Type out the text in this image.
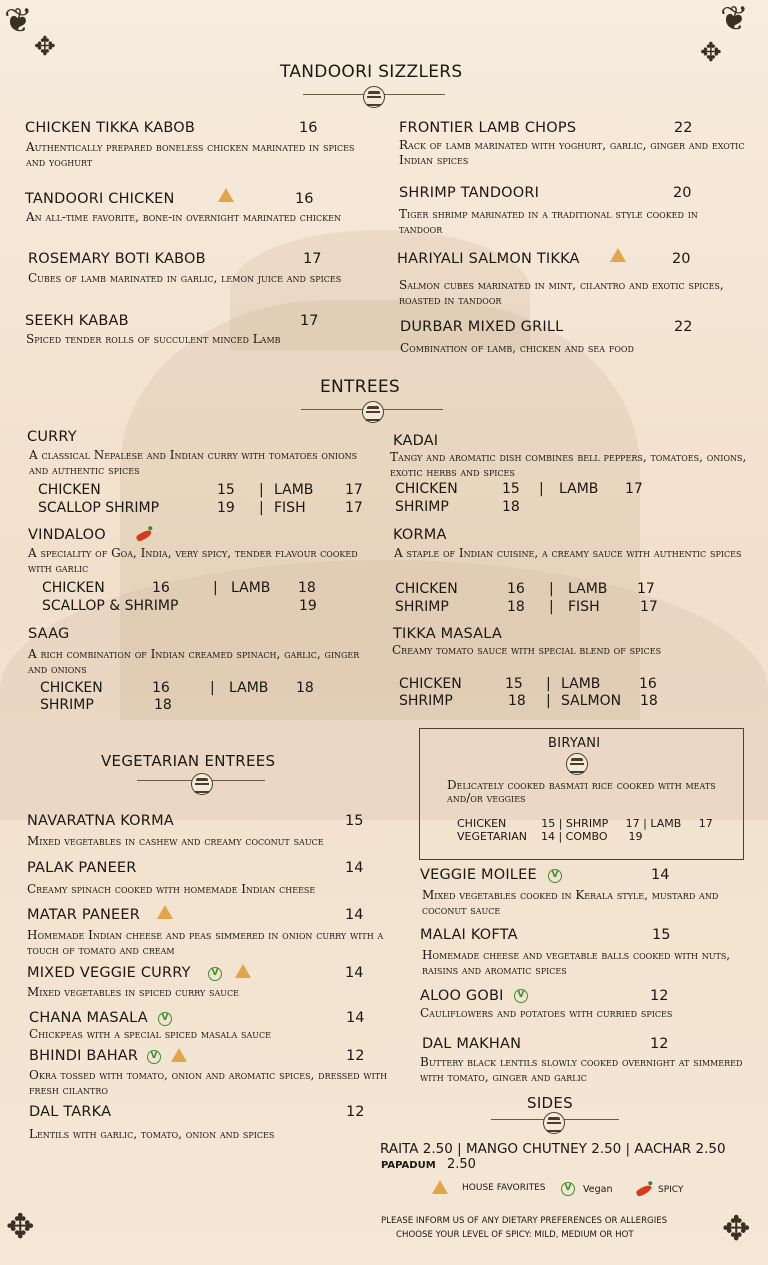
❦
✥
❦
✥
✥	✥
TANDOORI SIZZLERS
CHICKEN TIKKA KABOB	16
Authentically prepared boneless chicken marinated in spices and yoghurt
TANDOORI CHICKEN	16
An all-time favorite, bone-in overnight marinated chicken
ROSEMARY BOTI KABOB	17
Cubes of lamb marinated in garlic, lemon juice and spices
SEEKH KABAB	17
Spiced tender rolls of succulent minced Lamb
FRONTIER LAMB CHOPS	22
Rack of lamb marinated with yoghurt, garlic, ginger and exotic Indian spices
SHRIMP TANDOORI	20
Tiger shrimp marinated in a traditional style cooked in tandoor
HARIYALI SALMON TIKKA	20
Salmon cubes marinated in mint, cilantro and exotic spices, roasted in tandoor
DURBAR MIXED GRILL	22
Combination of lamb, chicken and sea food
ENTREES
CURRY
A classical Nepalese and Indian curry with tomatoes onions and authentic spices
CHICKEN	15 | LAMB 17
SCALLOP SHRIMP	19 | FISH	17
VINDALOO
A speciality of Goa, India, very spicy, tender flavour cooked with garlic
CHICKEN	16	| LAMB 18
SCALLOP & SHRIMP	19
SAAG
A rich combination of Indian creamed spinach, garlic, ginger and onions
CHICKEN	16	| LAMB 18
SHRIMP	18
KADAI
Tangy and aromatic dish combines bell peppers, tomatoes, onions, exotic herbs and spices
CHICKEN	15 | LAMB 17
SHRIMP	18
KORMA
A staple of Indian cuisine, a creamy sauce with authentic spices
CHICKEN	16 | LAMB 17
SHRIMP	18 | FISH	17
TIKKA MASALA
Creamy tomato sauce with special blend of spices
CHICKEN	15 | LAMB	16
SHRIMP	18 | SALMON 18
VEGETARIAN ENTREES
NAVARATNA KORMA	15
Mixed vegetables in cashew and creamy coconut sauce
PALAK PANEER	14
Creamy spinach cooked with homemade Indian cheese
MATAR PANEER	14
Homemade Indian cheese and peas simmered in onion curry with a touch of tomato and cream
MIXED VEGGIE CURRY	V	14
Mixed vegetables in spiced curry sauce
CHANA MASALA	V	14
Chickpeas with a special spiced masala sauce
BHINDI BAHAR	V	12
Okra tossed with tomato, onion and aromatic spices, dressed with fresh cilantro
DAL TARKA	12
Lentils with garlic, tomato, onion and spices
BIRYANI
Delicately cooked basmati rice cooked with meats and/or veggies
CHICKEN          15 | SHRIMP     17 | LAMB     17
VEGETARIAN    14 | COMBO      19
VEGGIE MOILEE	V	14
Mixed vegetables cooked in Kerala style, mustard and coconut sauce
MALAI KOFTA	15
Homemade cheese and vegetable balls cooked with nuts, raisins and aromatic spices
ALOO GOBI	V	12
Cauliflowers and potatoes with curried spices
DAL MAKHAN	12
Buttery black lentils slowly cooked overnight at simmered with tomato, ginger and garlic
SIDES
RAITA 2.50 | MANGO CHUTNEY 2.50 | AACHAR 2.50
PAPADUM 2.50
HOUSE FAVORITES	V	Vegan	SPICY
PLEASE INFORM US OF ANY DIETARY PREFERENCES OR ALLERGIES
CHOOSE YOUR LEVEL OF SPICY: MILD, MEDIUM OR HOT
